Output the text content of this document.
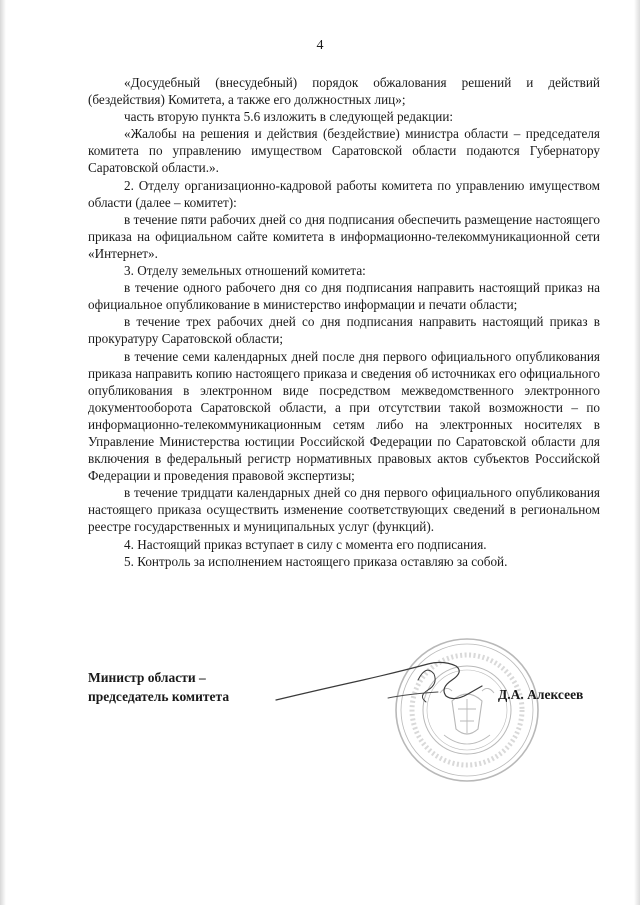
4

«Досудебный (внесудебный) порядок обжалования решений и действий (бездействия) Комитета, а также его должностных лиц»;

часть вторую пункта 5.6 изложить в следующей редакции:

«Жалобы на решения и действия (бездействие) министра области – председателя комитета по управлению имуществом Саратовской области подаются Губернатору Саратовской области.».

2. Отделу организационно-кадровой работы комитета по управлению имуществом области (далее – комитет):

в течение пяти рабочих дней со дня подписания обеспечить размещение настоящего приказа на официальном сайте комитета в информационно-телекоммуникационной сети «Интернет».

3. Отделу земельных отношений комитета:

в течение одного рабочего дня со дня подписания направить настоящий приказ на официальное опубликование в министерство информации и печати области;

в течение трех рабочих дней со дня подписания направить настоящий приказ в прокуратуру Саратовской области;

в течение семи календарных дней после дня первого официального опубликования приказа направить копию настоящего приказа и сведения об источниках его официального опубликования в электронном виде посредством межведомственного электронного документооборота Саратовской области, а при отсутствии такой возможности – по информационно-телекоммуникационным сетям либо на электронных носителях в Управление Министерства юстиции Российской Федерации по Саратовской области для включения в федеральный регистр нормативных правовых актов субъектов Российской Федерации и проведения правовой экспертизы;

в течение тридцати календарных дней со дня первого официального опубликования настоящего приказа осуществить изменение соответствующих сведений в региональном реестре государственных и муниципальных услуг (функций).

4. Настоящий приказ вступает в силу с момента его подписания.

5. Контроль за исполнением настоящего приказа оставляю за собой.

Министр области –
председатель комитета	Д.А. Алексеев
